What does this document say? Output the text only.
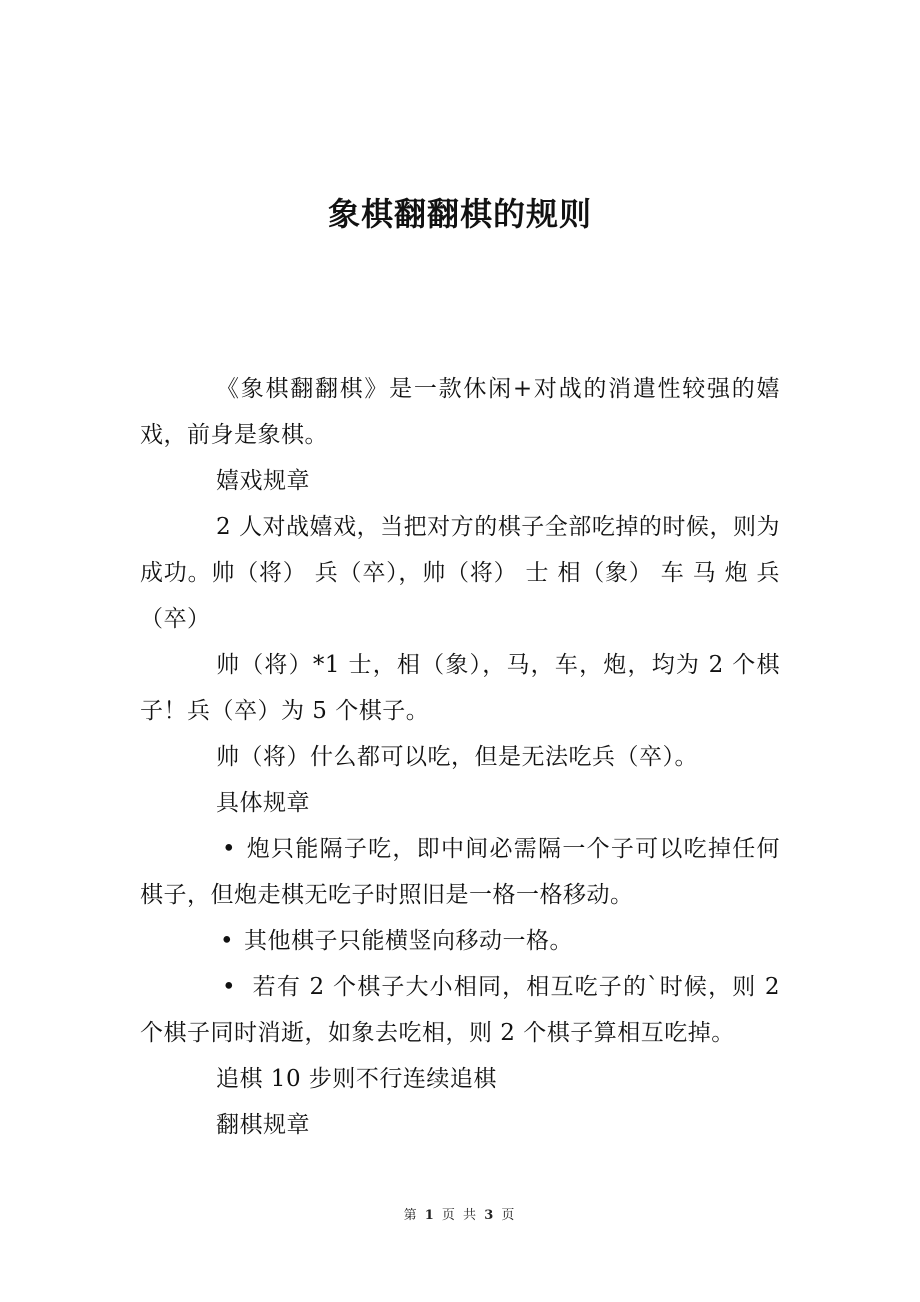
象棋翻翻棋的规则

《象棋翻翻棋》是一款休闲+对战的消遣性较强的嬉戏，前身是象棋。

嬉戏规章

2 人对战嬉戏，当把对方的棋子全部吃掉的时候，则为成功。帅（将） 兵（卒），帅（将） 士 相（象） 车 马 炮 兵（卒）

帅（将）*1 士，相（象），马，车，炮，均为 2 个棋子！兵（卒）为 5 个棋子。

帅（将）什么都可以吃，但是无法吃兵（卒）。

具体规章

• 炮只能隔子吃，即中间必需隔一个子可以吃掉任何棋子，但炮走棋无吃子时照旧是一格一格移动。

• 其他棋子只能横竖向移动一格。

• 若有 2 个棋子大小相同，相互吃子的`时候，则 2 个棋子同时消逝，如象去吃相，则 2 个棋子算相互吃掉。

追棋 10 步则不行连续追棋

翻棋规章

第 1 页 共 3 页
